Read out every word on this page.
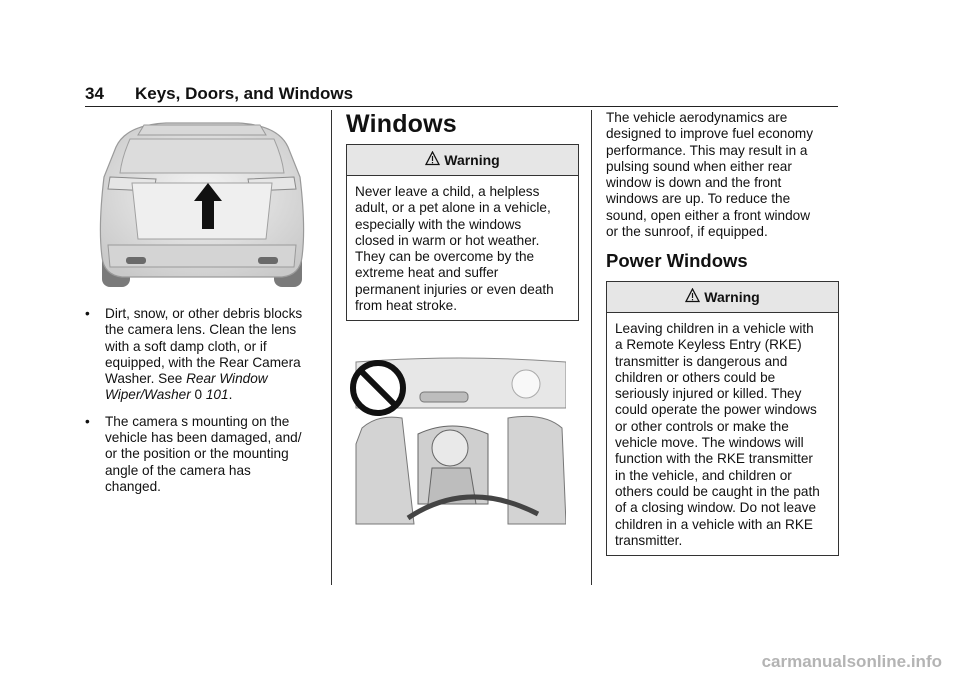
34 Keys, Doors, and Windows
• Dirt, snow, or other debris blocks
the camera lens. Clean the lens
with a soft damp cloth, or if
equipped, with the Rear Camera
Washer. See Rear Window
Wiper/Washer 0 101.
• The camera s mounting on the
vehicle has been damaged, and/
or the position or the mounting
angle of the camera has
changed.
Windows
Warning
Never leave a child, a helpless
adult, or a pet alone in a vehicle,
especially with the windows
closed in warm or hot weather.
They can be overcome by the
extreme heat and suffer
permanent injuries or even death
from heat stroke.
The vehicle aerodynamics are
designed to improve fuel economy
performance. This may result in a
pulsing sound when either rear
window is down and the front
windows are up. To reduce the
sound, open either a front window
or the sunroof, if equipped.
Power Windows
Warning
Leaving children in a vehicle with
a Remote Keyless Entry (RKE)
transmitter is dangerous and
children or others could be
seriously injured or killed. They
could operate the power windows
or other controls or make the
vehicle move. The windows will
function with the RKE transmitter
in the vehicle, and children or
others could be caught in the path
of a closing window. Do not leave
children in a vehicle with an RKE
transmitter.
carmanualsonline.info
